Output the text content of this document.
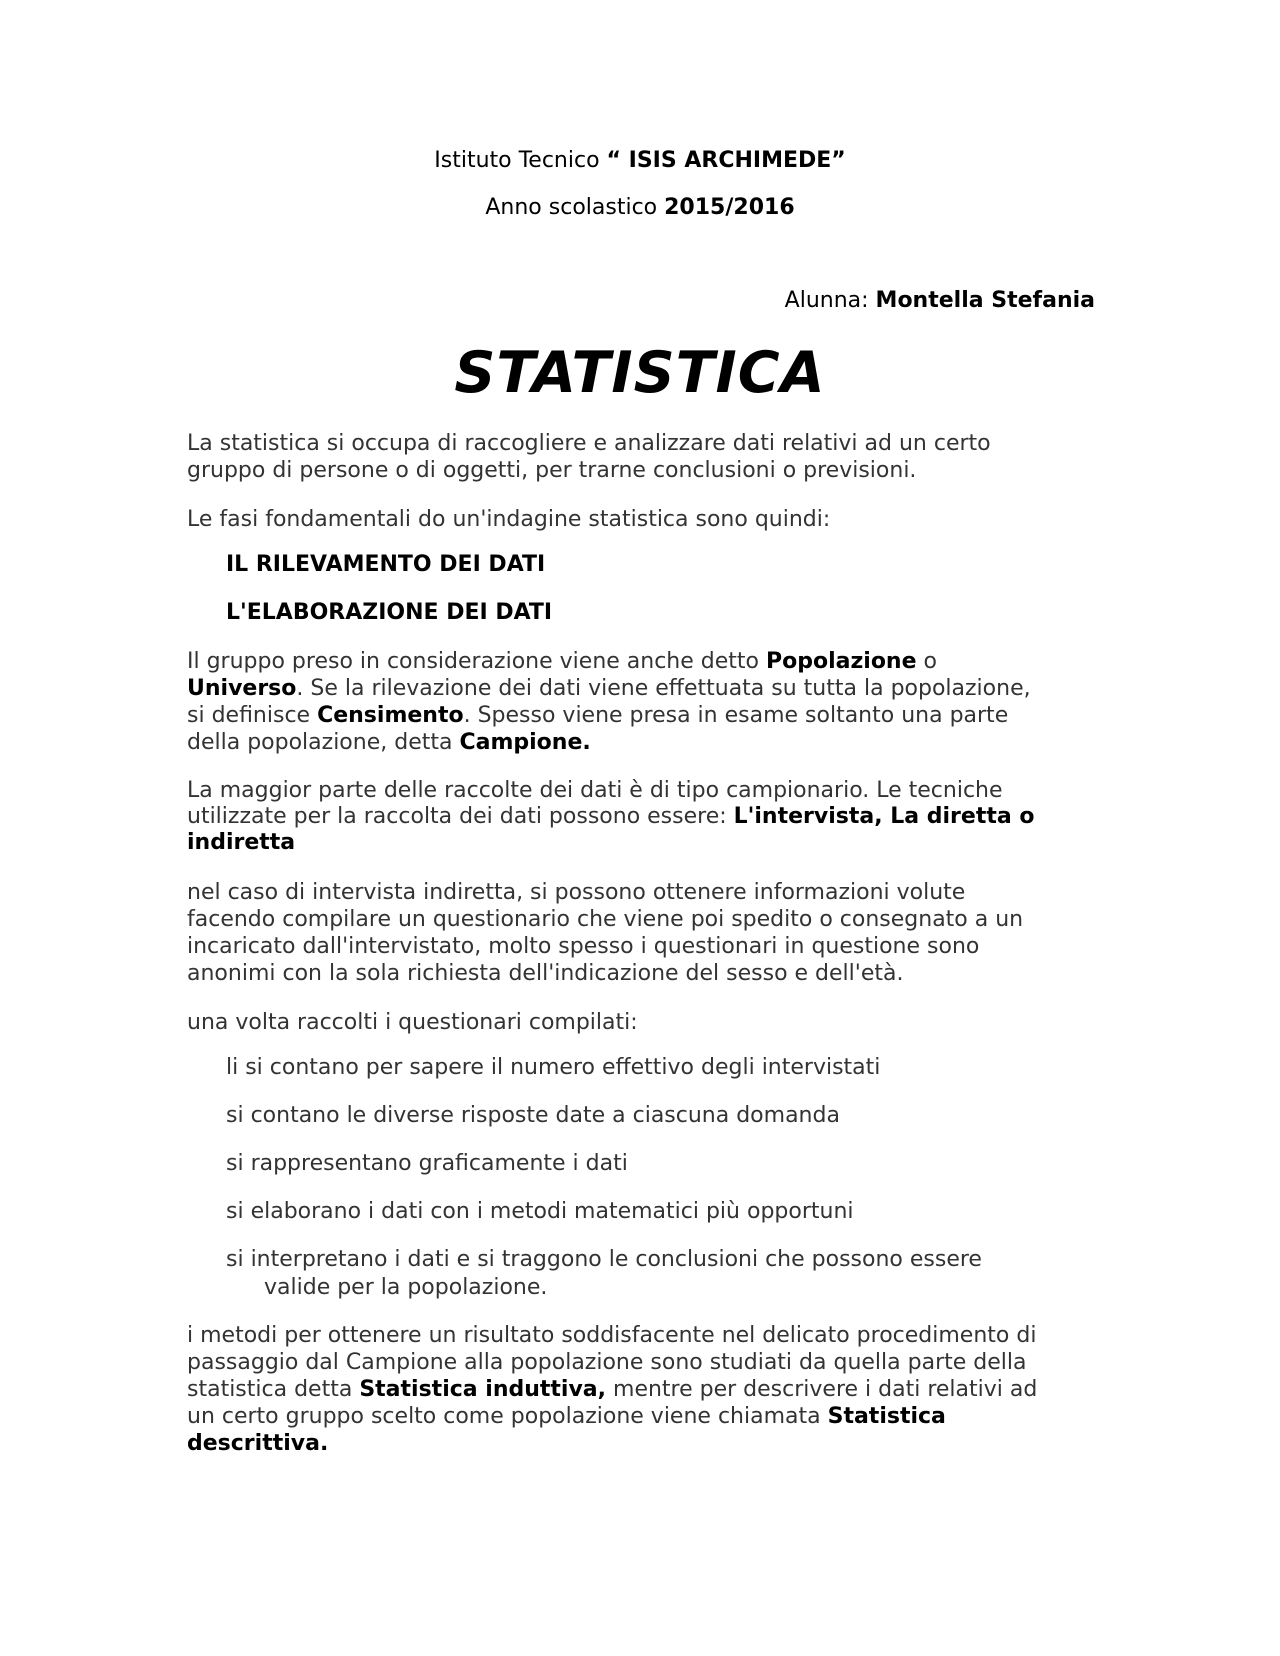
Istituto Tecnico “ ISIS ARCHIMEDE”

Anno scolastico 2015/2016

Alunna: Montella Stefania

STATISTICA
La statistica si occupa di raccogliere e analizzare dati relativi ad un certo
gruppo di persone o di oggetti, per trarne conclusioni o previsioni.
Le fasi fondamentali do un'indagine statistica sono quindi:
IL RILEVAMENTO DEI DATI
L'ELABORAZIONE DEI DATI
Il gruppo preso in considerazione viene anche detto Popolazione o
Universo. Se la rilevazione dei dati viene effettuata su tutta la popolazione,
si definisce Censimento. Spesso viene presa in esame soltanto una parte
della popolazione, detta Campione.
La maggior parte delle raccolte dei dati è di tipo campionario. Le tecniche
utilizzate per la raccolta dei dati possono essere: L'intervista, La diretta o
indiretta
nel caso di intervista indiretta, si possono ottenere informazioni volute
facendo compilare un questionario che viene poi spedito o consegnato a un
incaricato dall'intervistato, molto spesso i questionari in questione sono
anonimi con la sola richiesta dell'indicazione del sesso e dell'età.
una volta raccolti i questionari compilati:
li si contano per sapere il numero effettivo degli intervistati
si contano le diverse risposte date a ciascuna domanda
si rappresentano graficamente i dati
si elaborano i dati con i metodi matematici più opportuni
si interpretano i dati e si traggono le conclusioni che possono essere
valide per la popolazione.
i metodi per ottenere un risultato soddisfacente nel delicato procedimento di
passaggio dal Campione alla popolazione sono studiati da quella parte della
statistica detta Statistica induttiva, mentre per descrivere i dati relativi ad
un certo gruppo scelto come popolazione viene chiamata Statistica
descrittiva.
